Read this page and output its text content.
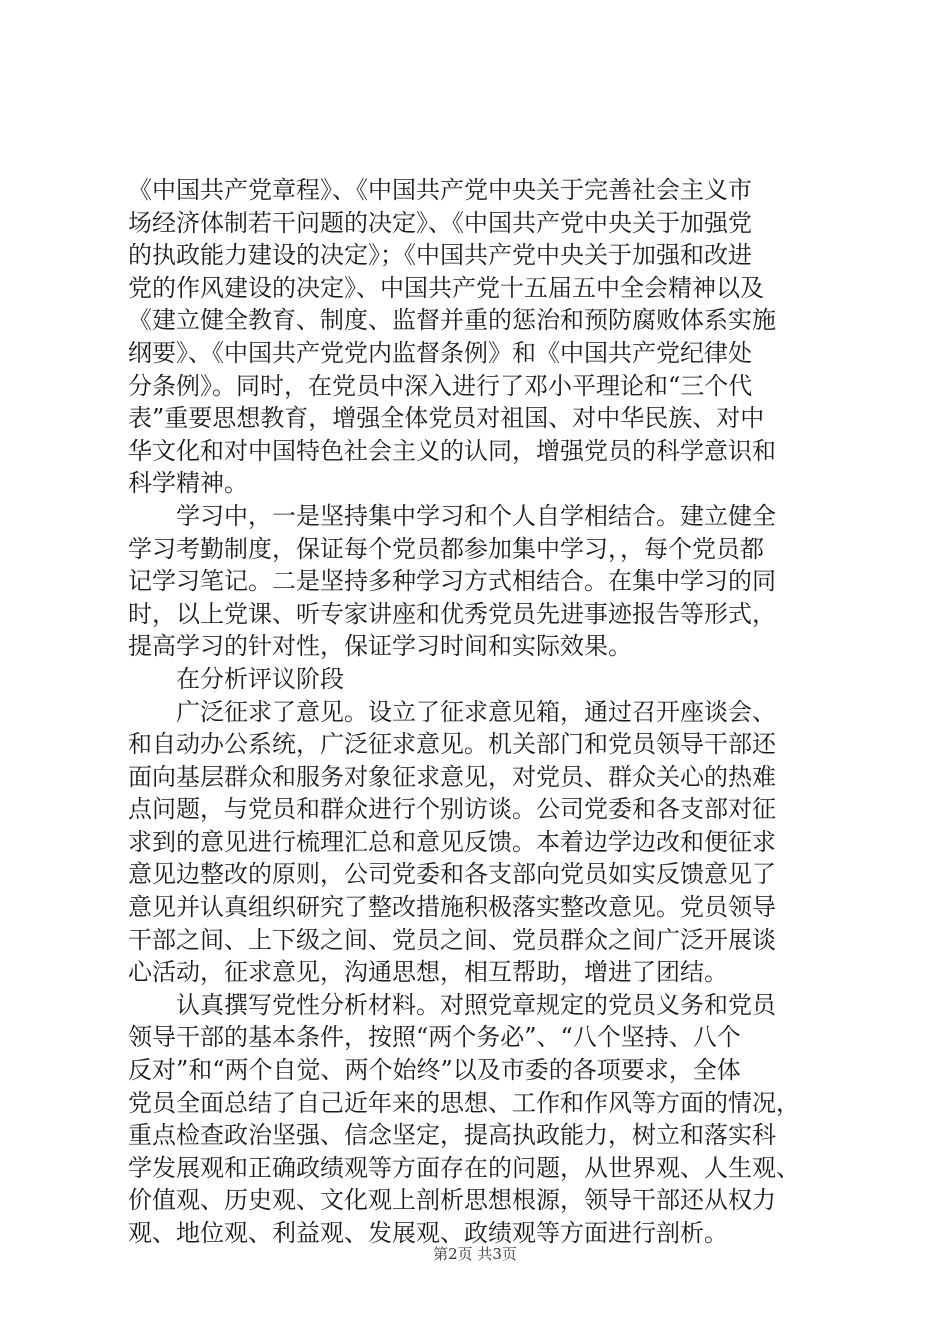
《中国共产党章程》、《中国共产党中央关于完善社会主义市
场经济体制若干问题的决定》、《中国共产党中央关于加强党
的执政能力建设的决定》；《中国共产党中央关于加强和改进
党的作风建设的决定》、中国共产党十五届五中全会精神以及
《建立健全教育、制度、监督并重的惩治和预防腐败体系实施
纲要》、《中国共产党党内监督条例》和《中国共产党纪律处
分条例》。同时，在党员中深入进行了邓小平理论和“三个代
表”重要思想教育，增强全体党员对祖国、对中华民族、对中
华文化和对中国特色社会主义的认同，增强党员的科学意识和
科学精神。
学习中，一是坚持集中学习和个人自学相结合。建立健全
学习考勤制度，保证每个党员都参加集中学习，，每个党员都
记学习笔记。二是坚持多种学习方式相结合。在集中学习的同
时，以上党课、听专家讲座和优秀党员先进事迹报告等形式，
提高学习的针对性，保证学习时间和实际效果。
在分析评议阶段
广泛征求了意见。设立了征求意见箱，通过召开座谈会、
和自动办公系统，广泛征求意见。机关部门和党员领导干部还
面向基层群众和服务对象征求意见，对党员、群众关心的热难
点问题，与党员和群众进行个别访谈。公司党委和各支部对征
求到的意见进行梳理汇总和意见反馈。本着边学边改和便征求
意见边整改的原则，公司党委和各支部向党员如实反馈意见了
意见并认真组织研究了整改措施积极落实整改意见。党员领导
干部之间、上下级之间、党员之间、党员群众之间广泛开展谈
心活动，征求意见，沟通思想，相互帮助，增进了团结。
认真撰写党性分析材料。对照党章规定的党员义务和党员
领导干部的基本条件，按照“两个务必”、“八个坚持、八个
反对”和“两个自觉、两个始终”以及市委的各项要求，全体
党员全面总结了自己近年来的思想、工作和作风等方面的情况，
重点检查政治坚强、信念坚定，提高执政能力，树立和落实科
学发展观和正确政绩观等方面存在的问题，从世界观、人生观、
价值观、历史观、文化观上剖析思想根源，领导干部还从权力
观、地位观、利益观、发展观、政绩观等方面进行剖析。
第2页 共3页
